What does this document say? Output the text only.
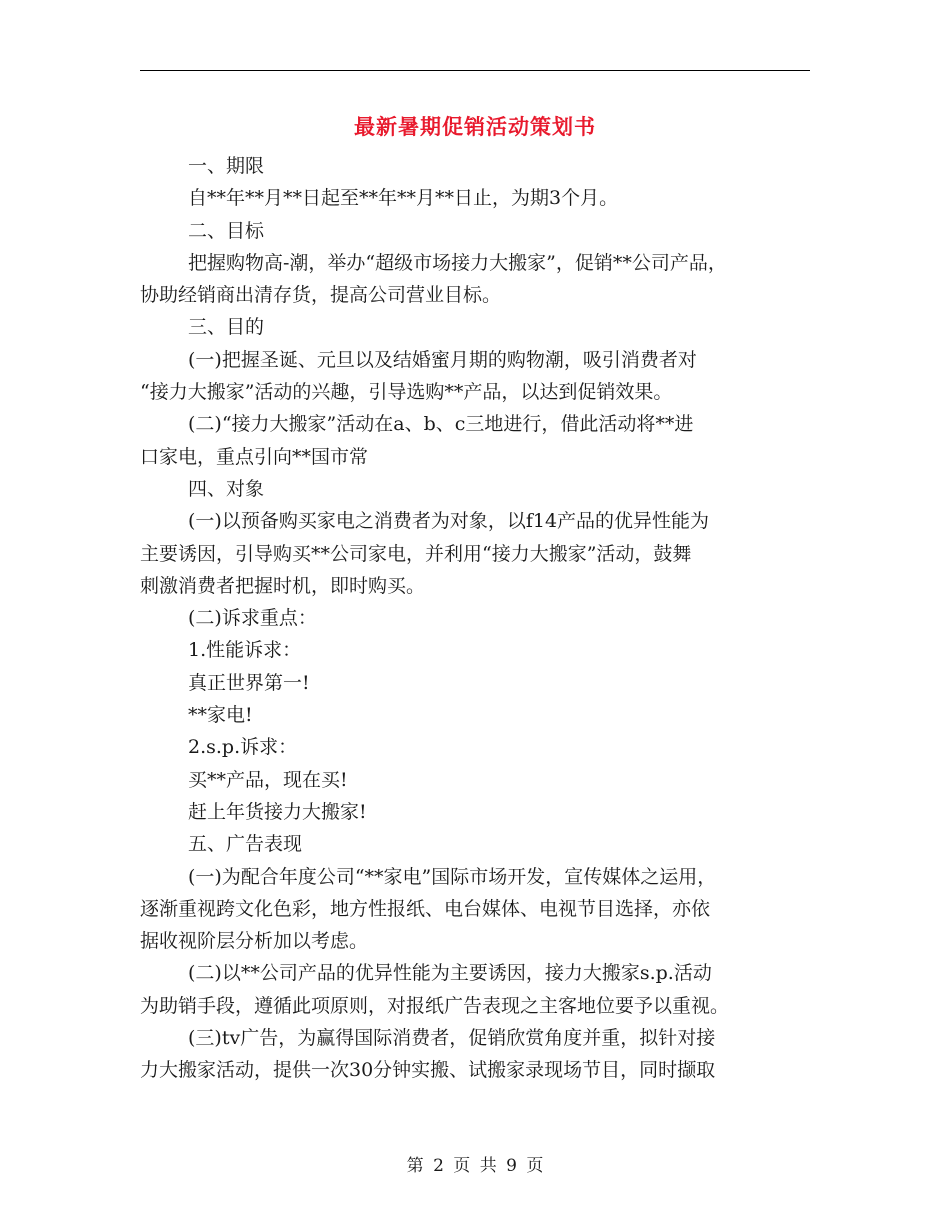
最新暑期促销活动策划书

一、期限

自**年**月**日起至**年**月**日止，为期3个月。

二、目标

把握购物高-潮，举办“超级市场接力大搬家”，促销**公司产品，

协助经销商出清存货，提高公司营业目标。

三、目的

(一)把握圣诞、元旦以及结婚蜜月期的购物潮，吸引消费者对

“接力大搬家”活动的兴趣，引导选购**产品，以达到促销效果。

(二)“接力大搬家”活动在a、b、c三地进行，借此活动将**进

口家电，重点引向**国市常

四、对象

(一)以预备购买家电之消费者为对象，以f14产品的优异性能为

主要诱因，引导购买**公司家电，并利用“接力大搬家”活动，鼓舞

刺激消费者把握时机，即时购买。

(二)诉求重点：

1.性能诉求：

真正世界第一!

**家电!

2.s.p.诉求：

买**产品，现在买!

赶上年货接力大搬家!

五、广告表现

(一)为配合年度公司“**家电”国际市场开发，宣传媒体之运用，

逐渐重视跨文化色彩，地方性报纸、电台媒体、电视节目选择，亦依

据收视阶层分析加以考虑。

(二)以**公司产品的优异性能为主要诱因，接力大搬家s.p.活动

为助销手段，遵循此项原则，对报纸广告表现之主客地位要予以重视。

(三)tv广告，为赢得国际消费者，促销欣赏角度并重，拟针对接

力大搬家活动，提供一次30分钟实搬、试搬家录现场节目，同时撷取

第 2 页 共 9 页
